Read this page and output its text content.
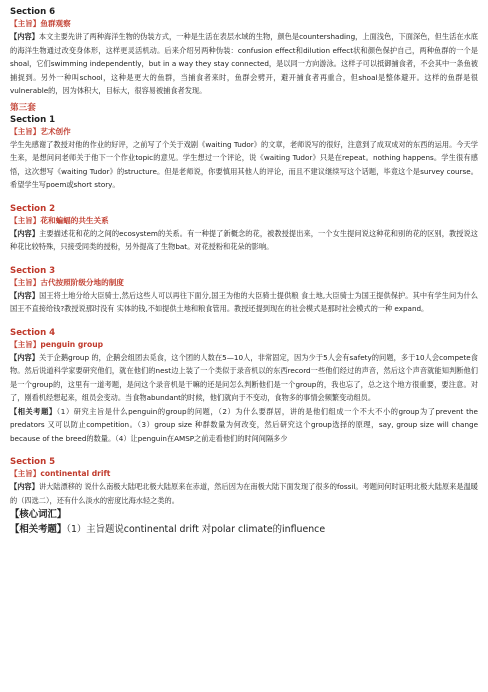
Section 6

【主旨】鱼群观察

【内容】本文主要先讲了两种海洋生物的伪装方式，一种是生活在表层水域的生物，颜色是countershading，上面浅色，下面深色，但生活在水底的海洋生物通过改变身体形，这样更灵活机动。后来介绍另两种伪装：confusion effect和dilution effect状和颜色保护自己，两种鱼群的一个是 shoal，它们swimming independently，but in a way they stay connected，是以同一方向游泳。这样子可以抵御捕食者，不会其中一条鱼被捕捉到。另外一种叫school，这种是更大的鱼群，当捕食者来时，鱼群会劈开，避开捕食者再重合，但shoal是整体避开。这样的鱼群是很vulnerable的，因为体积大，目标大，很容易被捕食者发现。

第三套

Section 1

【主旨】艺术创作

学生先感谢了教授对他的作业的好评，之前写了个关于戏剧《waiting Tudor》的文章，老师说写的很好，注意到了成双成对的东西的运用。今天学生来，是想问问老师关于他下一个作业topic的意见。学生想过一个评论，说《waiting Tudor》只是在repeat。nothing happens。学生很有感悟，这次想写《waiting Tudor》的structure。但是老师说，你要慎用其他人的评论，而且不建议继续写这个话题，毕竟这个是survey course。希望学生写poem或short story。

Section 2

【主旨】花和蝙蝠的共生关系

【内容】主要描述花和花的之间的ecosystem的关系。有一种提了新概念的花，被教授提出来，一个女生提问说这种花和别的花的区别，教授说这种花比较特殊，只接受同类的授粉，另外提高了生物bat。对花授粉和花朵的影响。

Section 3

【主旨】古代按照阶级分地的制度

【内容】国王将土地分给大臣骑士,然后这些人可以再往下面分,国王为他的大臣骑士提供粮 食土地,大臣骑士为国王提供保护。其中有学生问为什么国王不直接给钱?教授说那时没有 实体的钱,不如提供土地和粮食管用。教授还提到现在的社会模式是那时社会模式的一种 expand。

Section 4

【主旨】penguin group

【内容】关于企鹅group 的，企鹅会组团去觅食，这个团的人数在5—10人，非常固定，因为少于5人会有safety的问题，多于10人会compete食物。然后说道科学家要研究他们，就在他们的nest边上装了一个类似于录音机以的东西record一些他们经过的声音，然后这个声音就能知判断他们是一个group的，这里有一道考题，是问这个录音机是干嘛的还是问怎么判断他们是一个group的，我也忘了，总之这个地方很重要，要注意。对了，刚看机经想起来，组员会变动。当食物abundant的时候，他们就向于不变动，食物多的事情会频繁变动组员。

【相关考题】（1）研究主旨是什么penguin的group的问题，（2）为什么要群居，讲的是他们组成一个不大不小的group为了prevent the predators 又可以防止competition。（3）group size 种群数量为何改变，然后研究这个group选择的原理，say, group size will change because of the breed的数量。（4）让penguin在AMSP之前走看他们的时间间隔多少

Section 5

【主旨】continental drift

【内容】讲大陆漂移的 说什么南极大陆吧北极大陆原来在赤道，然后因为在南极大陆下面发现了很多的fossil。考题问何时证明北极大陆原来是温暖的（四选二），还有什么淡水的密度比海水轻之类的。

【核心词汇】

【相关考题】（1）主旨题说continental drift 对polar climate的influence
